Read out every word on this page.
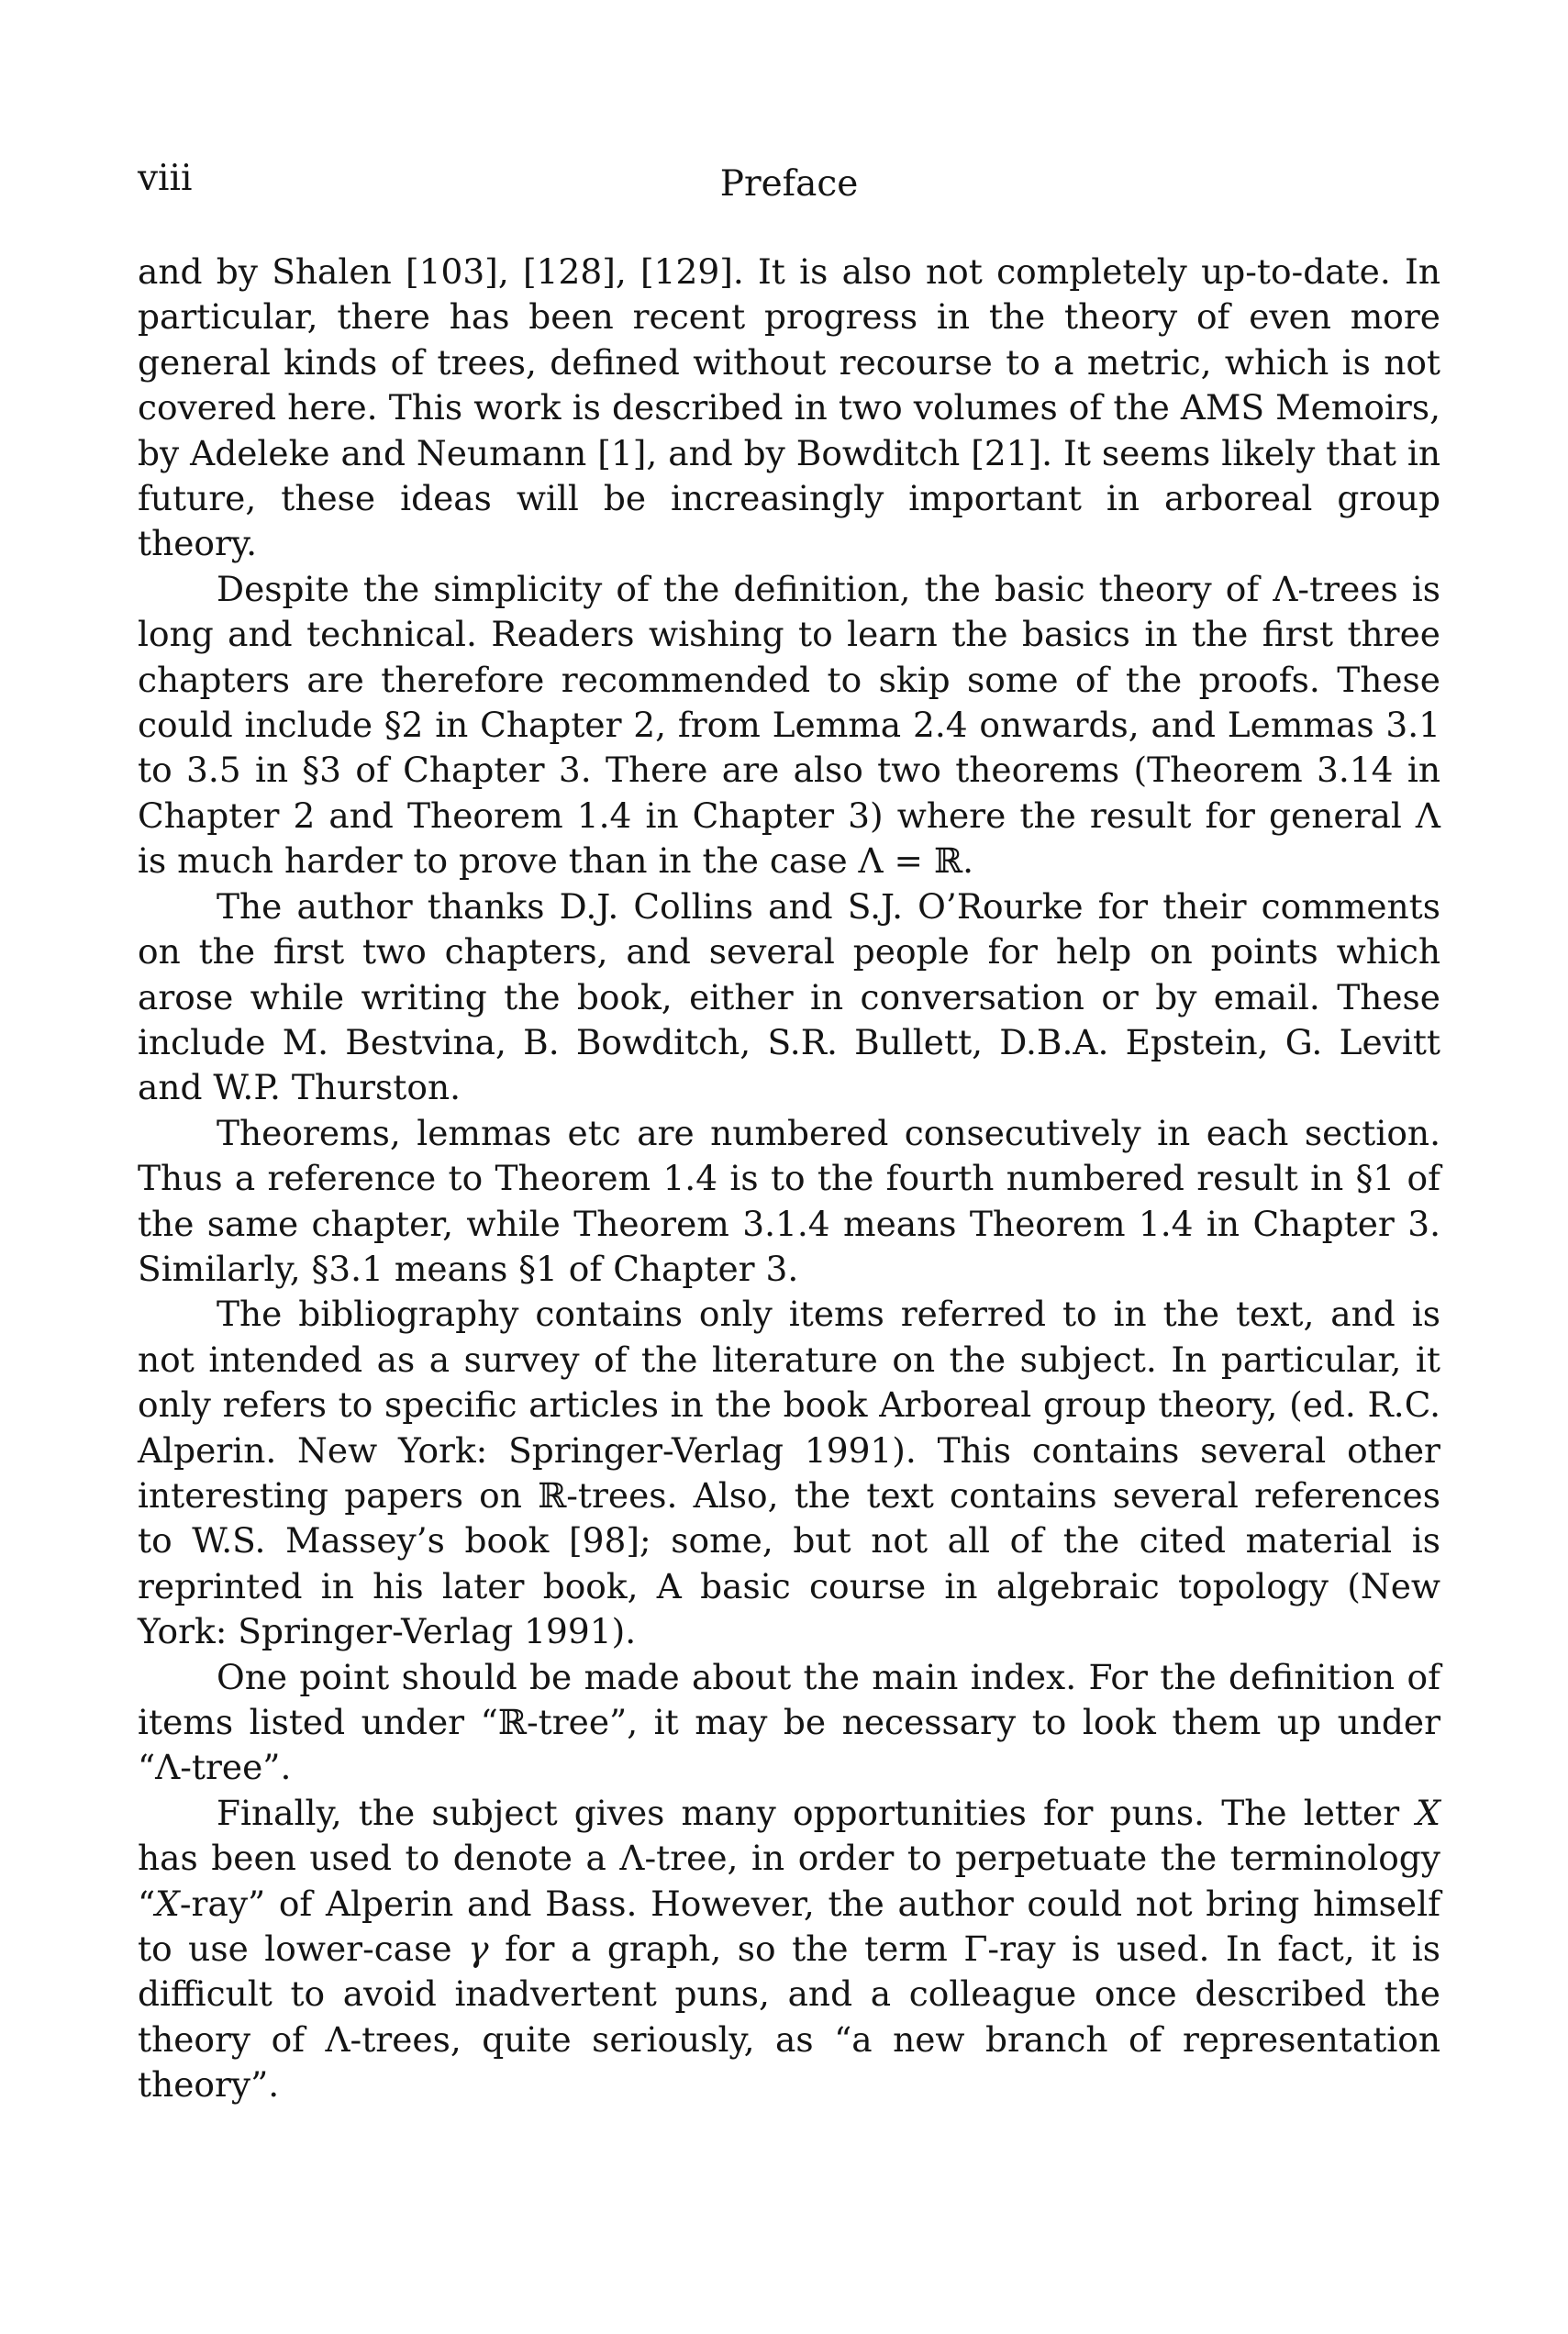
viii	Preface

and by Shalen [103], [128], [129]. It is also not completely up-to-date. In particular, there has been recent progress in the theory of even more general kinds of trees, defined without recourse to a metric, which is not covered here. This work is described in two volumes of the AMS Memoirs, by Adeleke and Neumann [1], and by Bowditch [21]. It seems likely that in future, these ideas will be increasingly important in arboreal group theory.

Despite the simplicity of the definition, the basic theory of Λ-trees is long and technical. Readers wishing to learn the basics in the first three chapters are therefore recommended to skip some of the proofs. These could include §2 in Chapter 2, from Lemma 2.4 onwards, and Lemmas 3.1 to 3.5 in §3 of Chapter 3. There are also two theorems (Theorem 3.14 in Chapter 2 and Theorem 1.4 in Chapter 3) where the result for general Λ is much harder to prove than in the case Λ = ℝ.

The author thanks D.J. Collins and S.J. O’Rourke for their comments on the first two chapters, and several people for help on points which arose while writing the book, either in conversation or by email. These include M. Bestvina, B. Bowditch, S.R. Bullett, D.B.A. Epstein, G. Levitt and W.P. Thurston.

Theorems, lemmas etc are numbered consecutively in each section. Thus a reference to Theorem 1.4 is to the fourth numbered result in §1 of the same chapter, while Theorem 3.1.4 means Theorem 1.4 in Chapter 3. Similarly, §3.1 means §1 of Chapter 3.

The bibliography contains only items referred to in the text, and is not intended as a survey of the literature on the subject. In particular, it only refers to specific articles in the book Arboreal group theory, (ed. R.C. Alperin. New York: Springer-Verlag 1991). This contains several other interesting papers on ℝ-trees. Also, the text contains several references to W.S. Massey’s book [98]; some, but not all of the cited material is reprinted in his later book, A basic course in algebraic topology (New York: Springer-Verlag 1991).

One point should be made about the main index. For the definition of items listed under “ℝ-tree”, it may be necessary to look them up under “Λ-tree”.

Finally, the subject gives many opportunities for puns. The letter X has been used to denote a Λ-tree, in order to perpetuate the terminology “X-ray” of Alperin and Bass. However, the author could not bring himself to use lower-case γ for a graph, so the term Γ-ray is used. In fact, it is difficult to avoid inadvertent puns, and a colleague once described the theory of Λ-trees, quite seriously, as “a new branch of representation theory”.
